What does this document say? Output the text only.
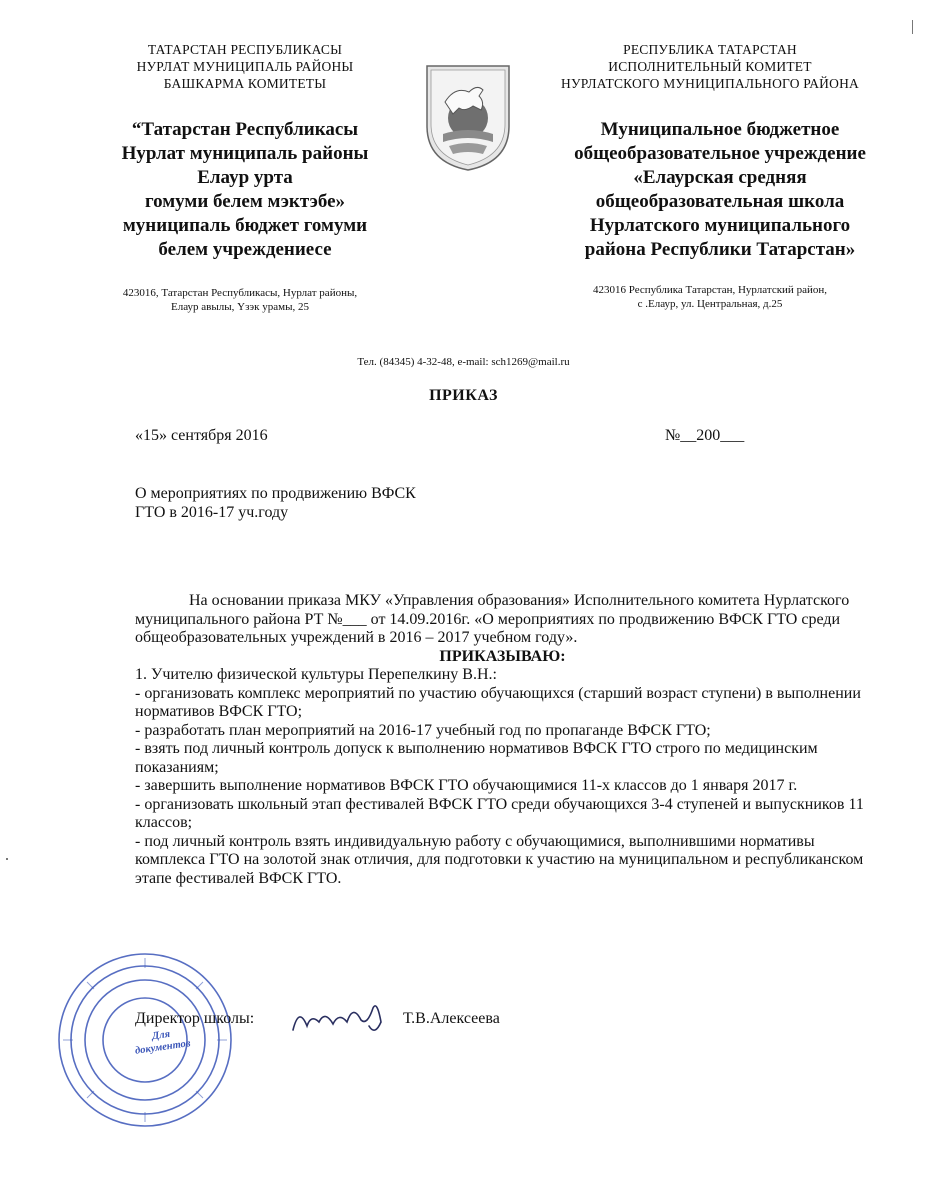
ТАТАРСТАН РЕСПУБЛИКАСЫ
НУРЛАТ МУНИЦИПАЛЬ РАЙОНЫ
БАШКАРМА КОМИТЕТЫ
“Татарстан Республикасы
Нурлат муниципаль районы
Елаур урта
гомуми белем мэктэбе»
муниципаль бюджет гомуми
белем учреждениесе
423016, Татарстан Республикасы, Нурлат районы,
Елаур авылы, Үзэк урамы, 25
РЕСПУБЛИКА ТАТАРСТАН
ИСПОЛНИТЕЛЬНЫЙ КОМИТЕТ
НУРЛАТСКОГО МУНИЦИПАЛЬНОГО РАЙОНА
Муниципальное бюджетное
общеобразовательное учреждение
«Елаурская средняя
общеобразовательная школа
Нурлатского муниципального
района Республики Татарстан»
423016 Республика Татарстан, Нурлатский район,
с .Елаур, ул. Центральная, д.25
Тел. (84345) 4-32-48, e-mail: sch1269@mail.ru
ПРИКАЗ
«15» сентября 2016	№__200___
О мероприятиях по продвижению ВФСК
ГТО в 2016-17 уч.году

На основании приказа МКУ «Управления образования» Исполнительного комитета Нурлатского муниципального района РТ №___ от 14.09.2016г. «О мероприятиях по продвижению ВФСК ГТО среди общеобразовательных учреждений в 2016 – 2017 учебном году».

ПРИКАЗЫВАЮ:

1. Учителю физической культуры Перепелкину В.Н.:

- организовать комплекс мероприятий по участию обучающихся (старший возраст ступени) в выполнении нормативов ВФСК ГТО;

- разработать план мероприятий на 2016-17 учебный год по пропаганде ВФСК ГТО;

- взять под личный контроль допуск к выполнению нормативов ВФСК ГТО строго по медицинским показаниям;

- завершить выполнение нормативов ВФСК ГТО обучающимися 11-х классов до 1 января 2017 г.

- организовать школьный этап фестивалей ВФСК ГТО среди обучающихся 3-4 ступеней и выпускников 11 классов;

- под личный контроль взять индивидуальную работу с обучающимися, выполнившими нормативы комплекса ГТО на золотой знак отличия, для подготовки к участию на муниципальном и республиканском этапе фестивалей ВФСК ГТО.

Для документов
Директор школы:	Т.В.Алексеева
